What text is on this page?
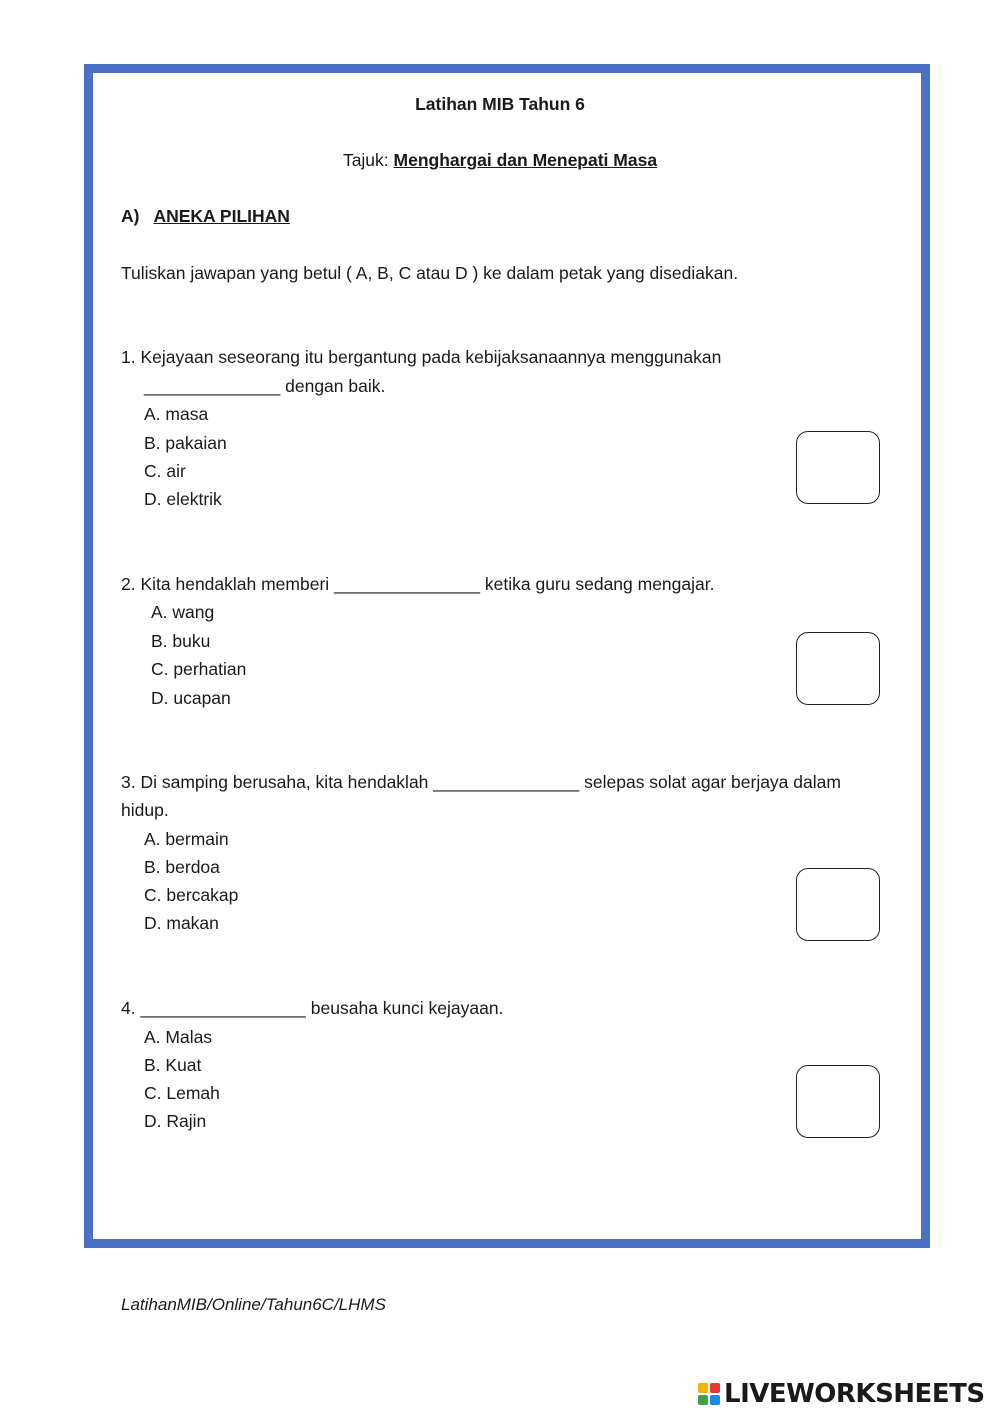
Latihan MIB Tahun 6
Tajuk: Menghargai dan Menepati Masa
A) ANEKA PILIHAN
Tuliskan jawapan yang betul ( A, B, C atau D ) ke dalam petak yang disediakan.
1. Kejayaan seseorang itu bergantung pada kebijaksanaannya menggunakan
______________ dengan baik.
A. masa
B. pakaian
C. air
D. elektrik
2. Kita hendaklah memberi _______________ ketika guru sedang mengajar.
A. wang
B. buku
C. perhatian
D. ucapan
3. Di samping berusaha, kita hendaklah _______________ selepas solat agar berjaya dalam
hidup.
A. bermain
B. berdoa
C. bercakap
D. makan
4. _________________ beusaha kunci kejayaan.
A. Malas
B. Kuat
C. Lemah
D. Rajin
LatihanMIB/Online/Tahun6C/LHMS
LIVEWORKSHEETS
